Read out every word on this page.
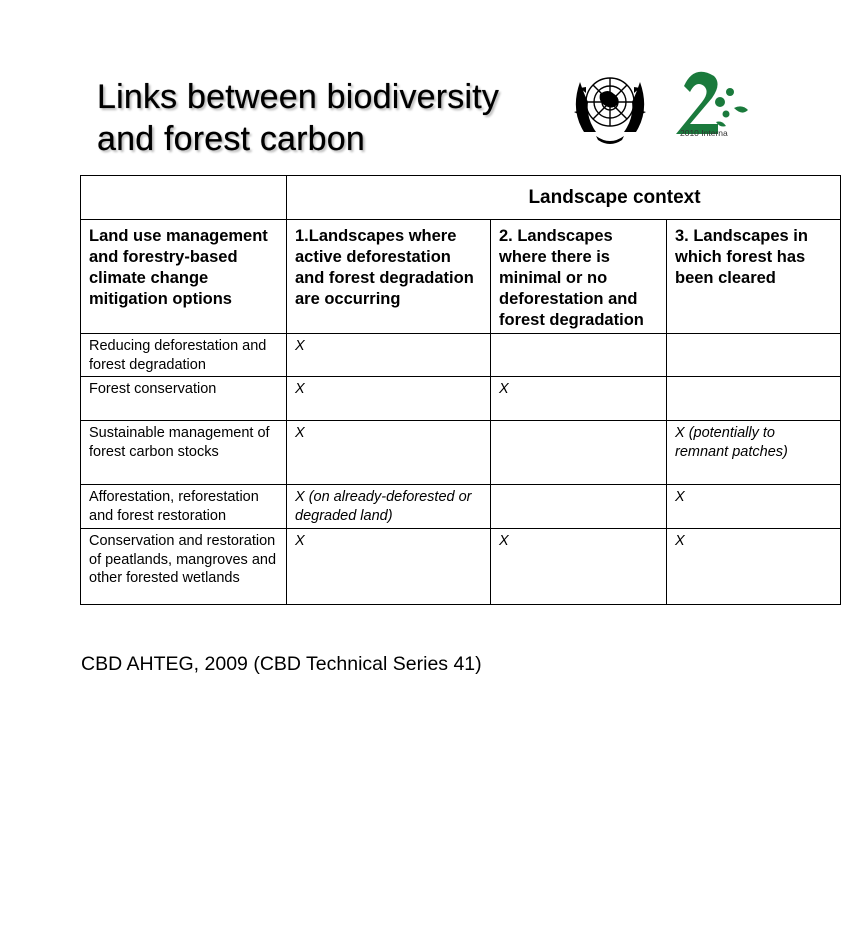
Links between biodiversity
and forest carbon	2010 Interna
	Landscape context		
Land use management and forestry-based climate change mitigation options	1.Landscapes where active deforestation and forest degradation are occurring	2. Landscapes where there is minimal or no deforestation and forest degradation	3. Landscapes in which forest has been cleared
Reducing deforestation and forest degradation	X		
Forest conservation	X	X	
Sustainable management of forest carbon stocks	X		X (potentially to remnant patches)
Afforestation, reforestation and forest restoration	X (on already-deforested or degraded land)		X
Conservation and restoration of peatlands, mangroves and other forested wetlands	X	X	X
CBD AHTEG, 2009 (CBD Technical Series 41)
